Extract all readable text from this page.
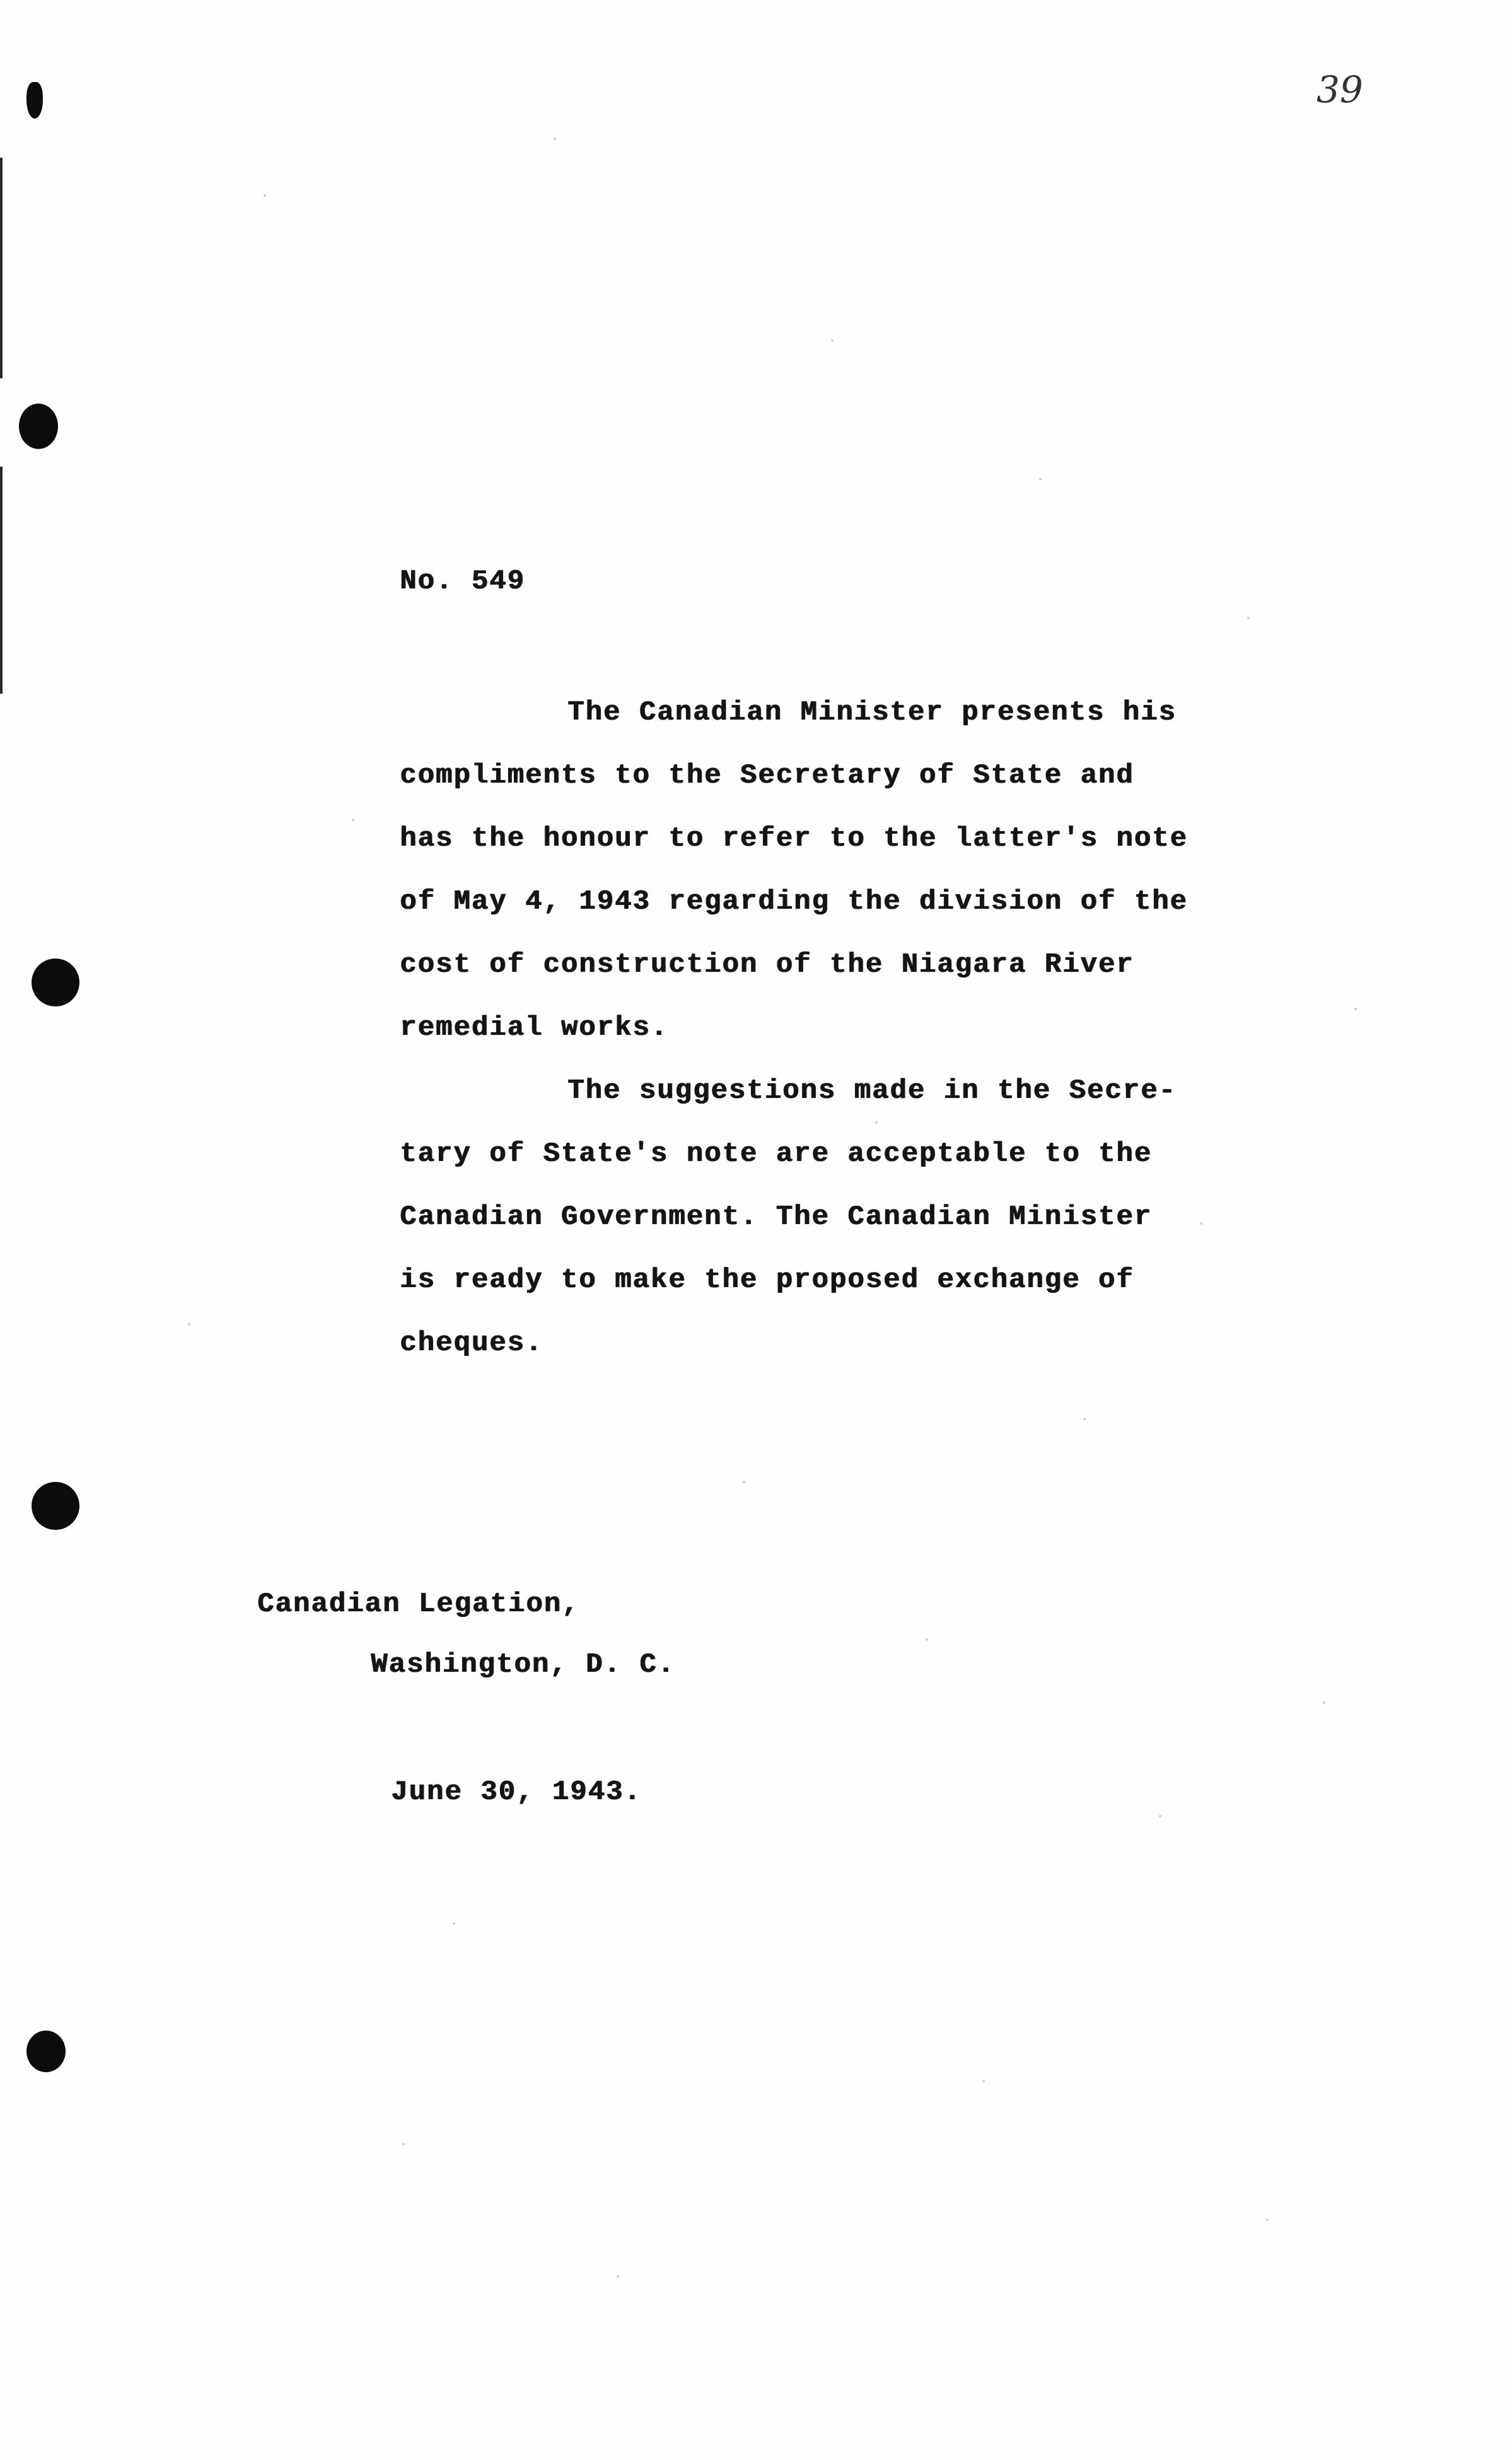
39
No. 549
The Canadian Minister presents his
compliments to the Secretary of State and
has the honour to refer to the latter's note
of May 4, 1943 regarding the division of the
cost of construction of the Niagara River
remedial works.
The suggestions made in the Secre-
tary of State's note are acceptable to the
Canadian Government. The Canadian Minister
is ready to make the proposed exchange of
cheques.
Canadian Legation,
Washington, D. C.
June 30, 1943.
